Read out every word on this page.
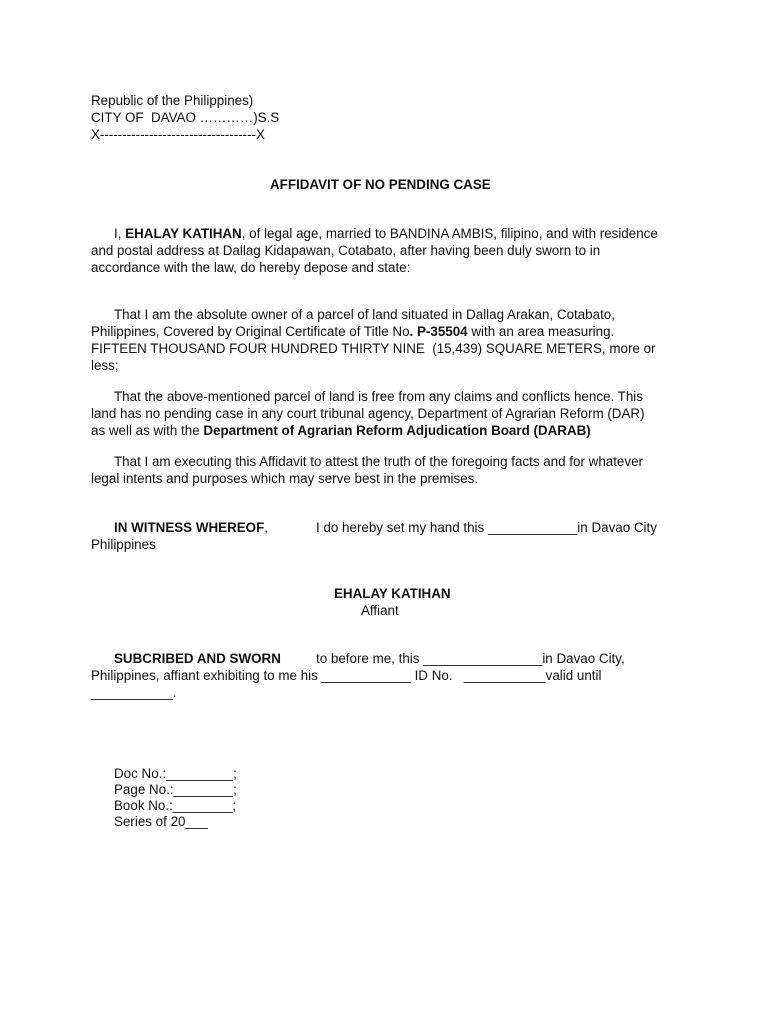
Republic of the Philippines)
CITY OF  DAVAO …………)S.S
X-----------------------------------X
AFFIDAVIT OF NO PENDING CASE
I, EHALAY KATIHAN, of legal age, married to BANDINA AMBIS, filipino, and with residence
and postal address at Dallag Kidapawan, Cotabato, after having been duly sworn to in
accordance with the law, do hereby depose and state:
That I am the absolute owner of a parcel of land situated in Dallag Arakan, Cotabato,
Philippines, Covered by Original Certificate of Title No. P-35504 with an area measuring.
FIFTEEN THOUSAND FOUR HUNDRED THIRTY NINE  (15,439) SQUARE METERS, more or
less;
That the above-mentioned parcel of land is free from any claims and conflicts hence. This
land has no pending case in any court tribunal agency, Department of Agrarian Reform (DAR)
as well as with the Department of Agrarian Reform Adjudication Board (DARAB)
That I am executing this Affidavit to attest the truth of the foregoing facts and for whatever
legal intents and purposes which may serve best in the premises.
IN WITNESS WHEREOF,	I do hereby set my hand this ____________in Davao City
Philippines
EHALAY KATIHAN
Affiant
SUBCRIBED AND SWORN	to before me, this ________________in Davao City,
Philippines, affiant exhibiting to me his ____________ ID No.   ___________valid until
___________.
Doc No.:_________;
Page No.:________;
Book No.:________;
Series of 20___
